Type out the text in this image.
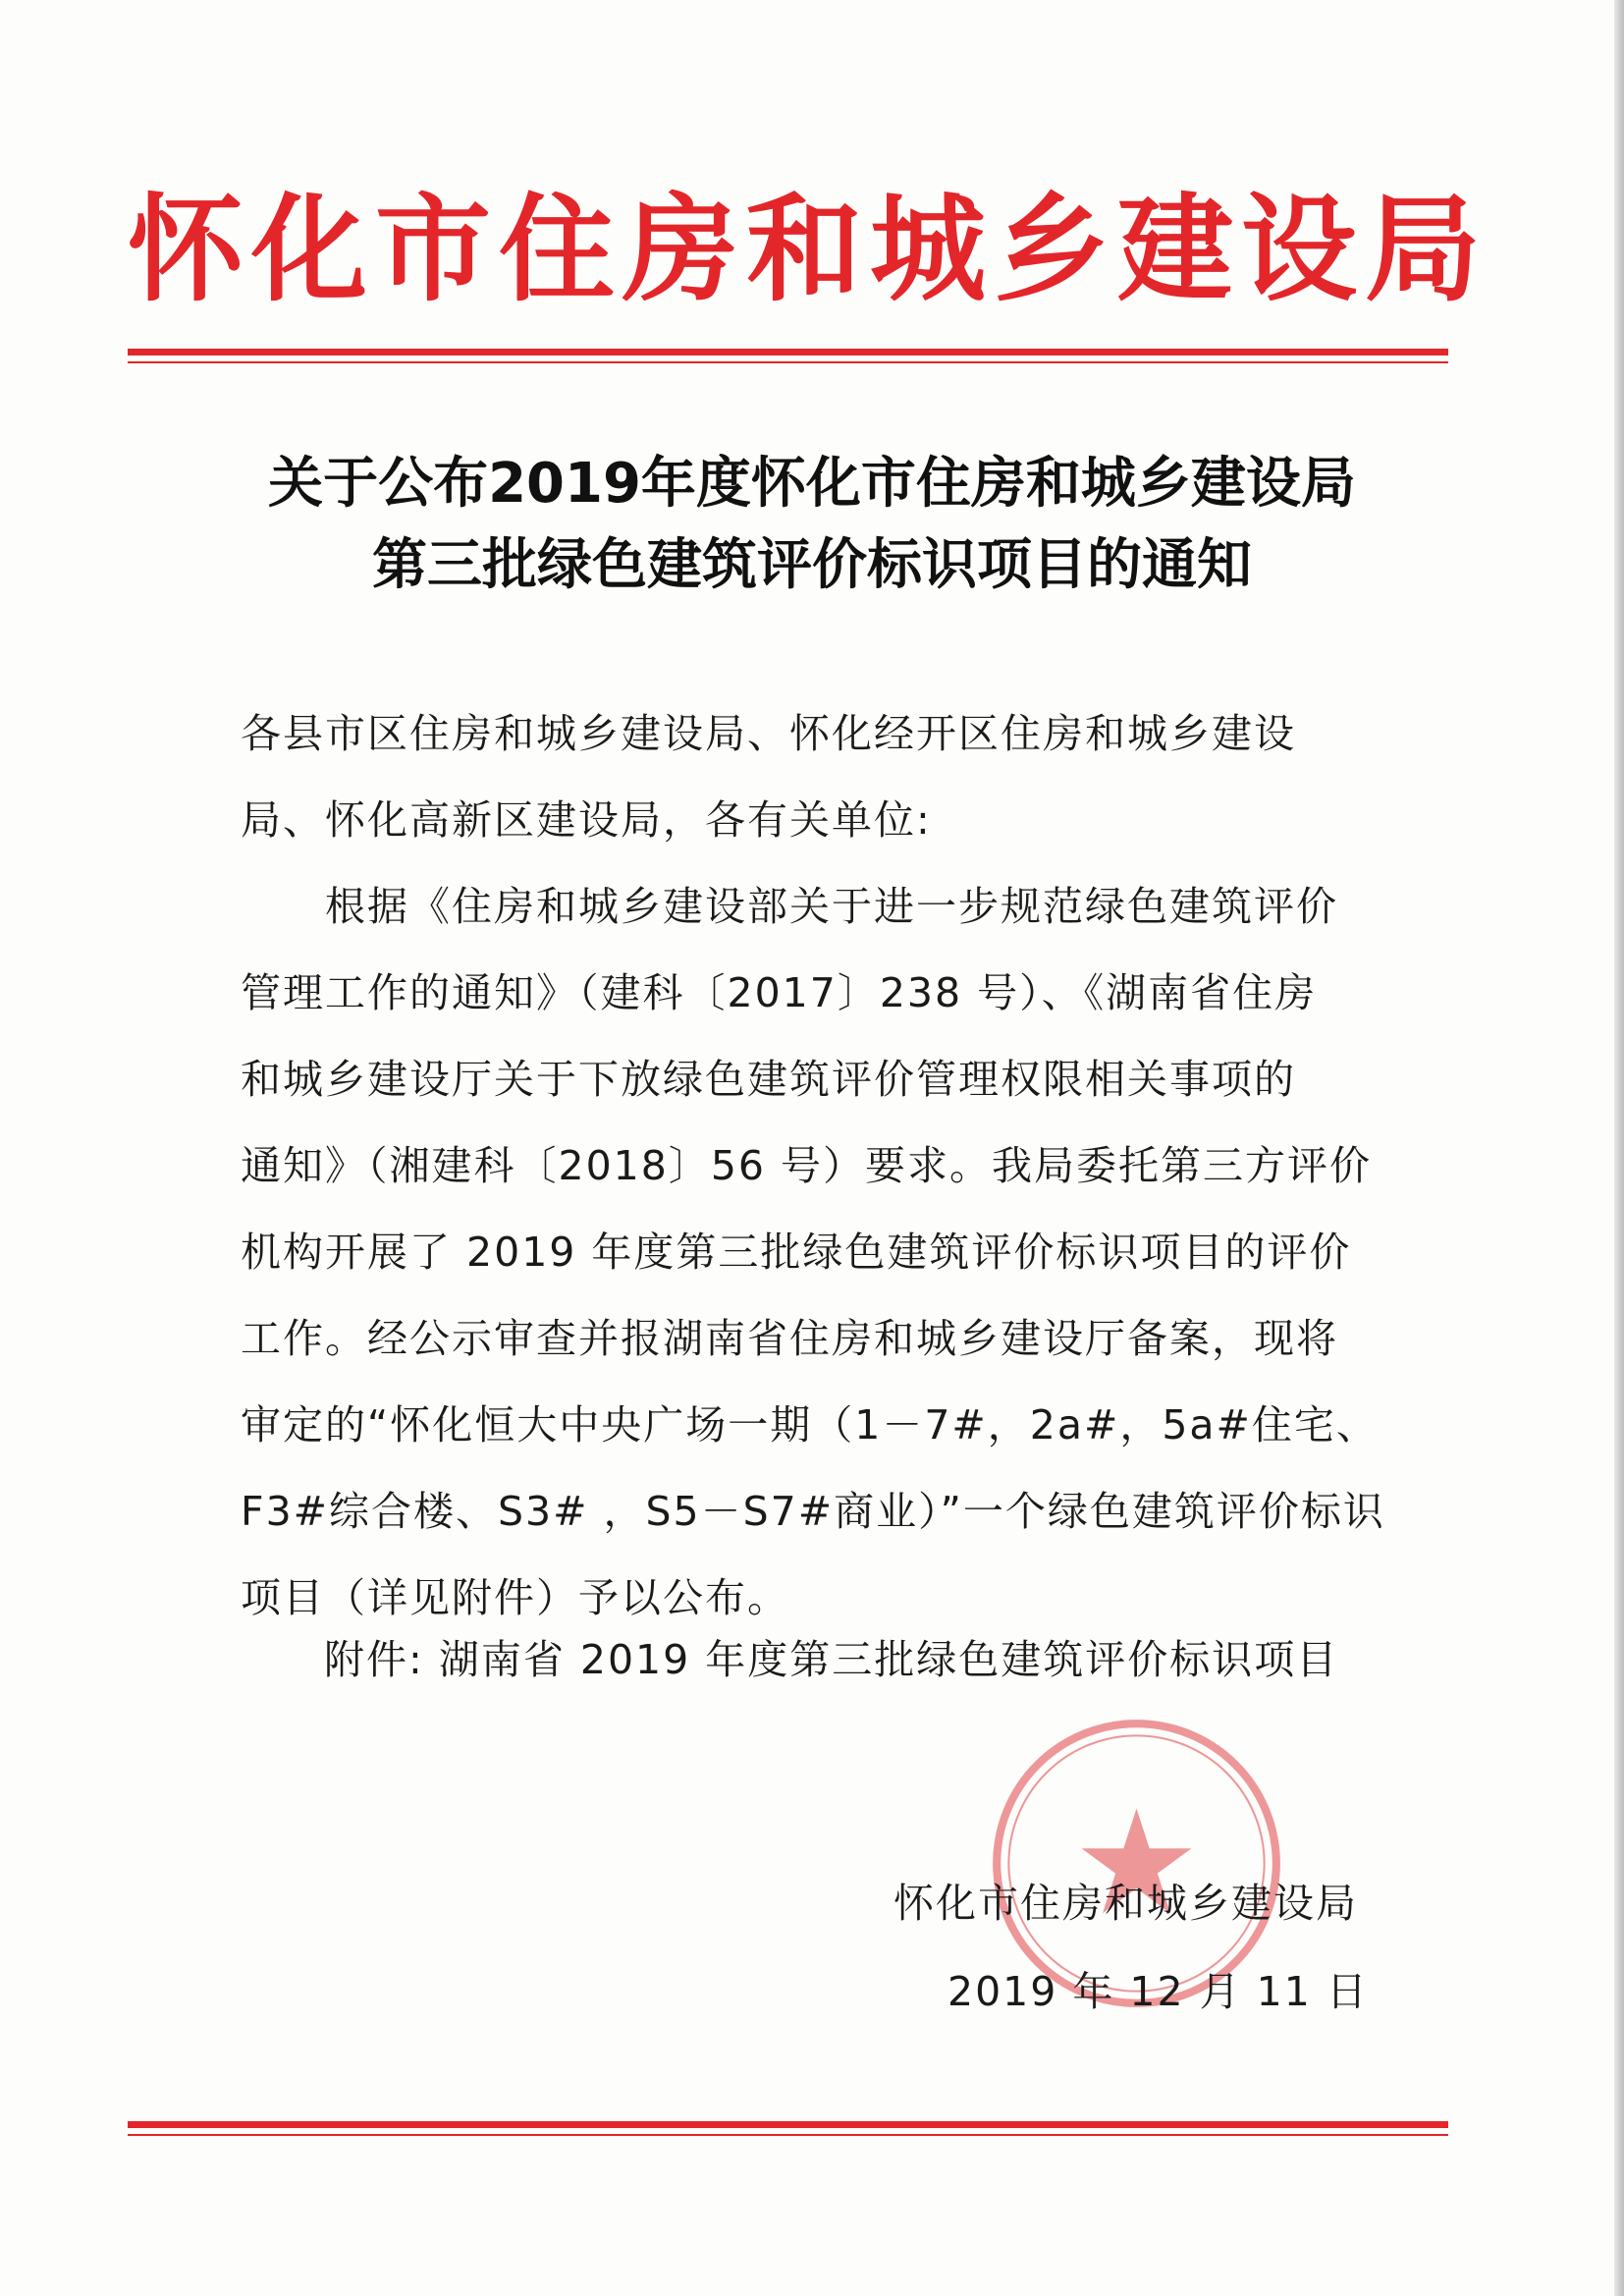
怀化市住房和城乡建设局
关于公布2019年度怀化市住房和城乡建设局
第三批绿色建筑评价标识项目的通知
各县市区住房和城乡建设局、怀化经开区住房和城乡建设
局、怀化高新区建设局，各有关单位:
根据《住房和城乡建设部关于进一步规范绿色建筑评价
管理工作的通知》（建科〔2017〕238 号）、《湖南省住房
和城乡建设厅关于下放绿色建筑评价管理权限相关事项的
通知》（湘建科〔2018〕56 号）要求。我局委托第三方评价
机构开展了 2019 年度第三批绿色建筑评价标识项目的评价
工作。经公示审查并报湖南省住房和城乡建设厅备案，现将
审定的“怀化恒大中央广场一期（1－7#，2a#，5a#住宅、
F3#综合楼、S3# ，S5－S7#商业）”一个绿色建筑评价标识
项目（详见附件）予以公布。
附件: 湖南省 2019 年度第三批绿色建筑评价标识项目
怀化市住房和城乡建设局
2019 年 12 月 11 日
